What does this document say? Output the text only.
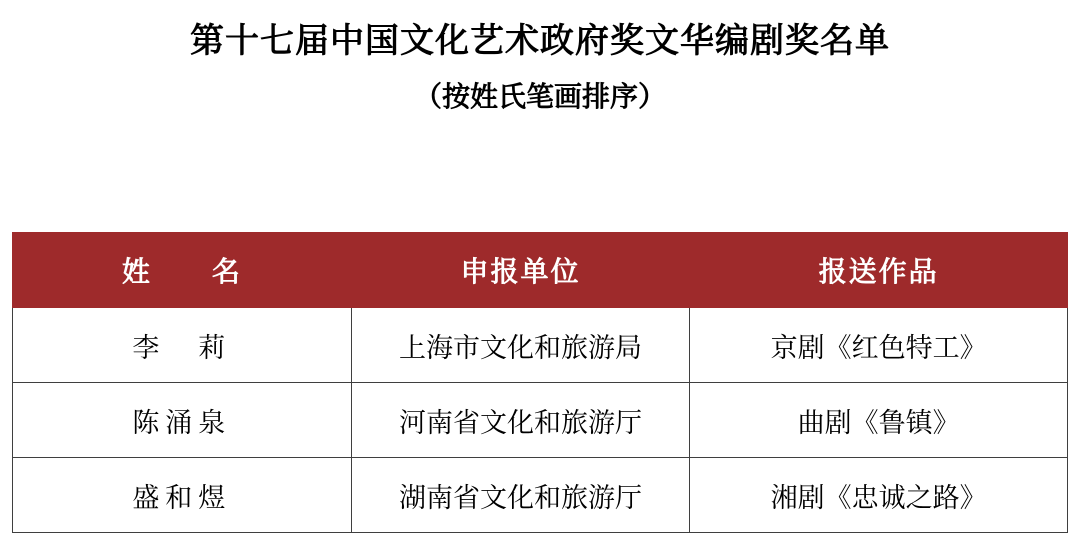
第十七届中国文化艺术政府奖文华编剧奖名单
（按姓氏笔画排序）
姓　　名	申报单位	报送作品
李　莉	上海市文化和旅游局	京剧《红色特工》
陈涌泉	河南省文化和旅游厅	曲剧《鲁镇》
盛和煜	湖南省文化和旅游厅	湘剧《忠诚之路》
